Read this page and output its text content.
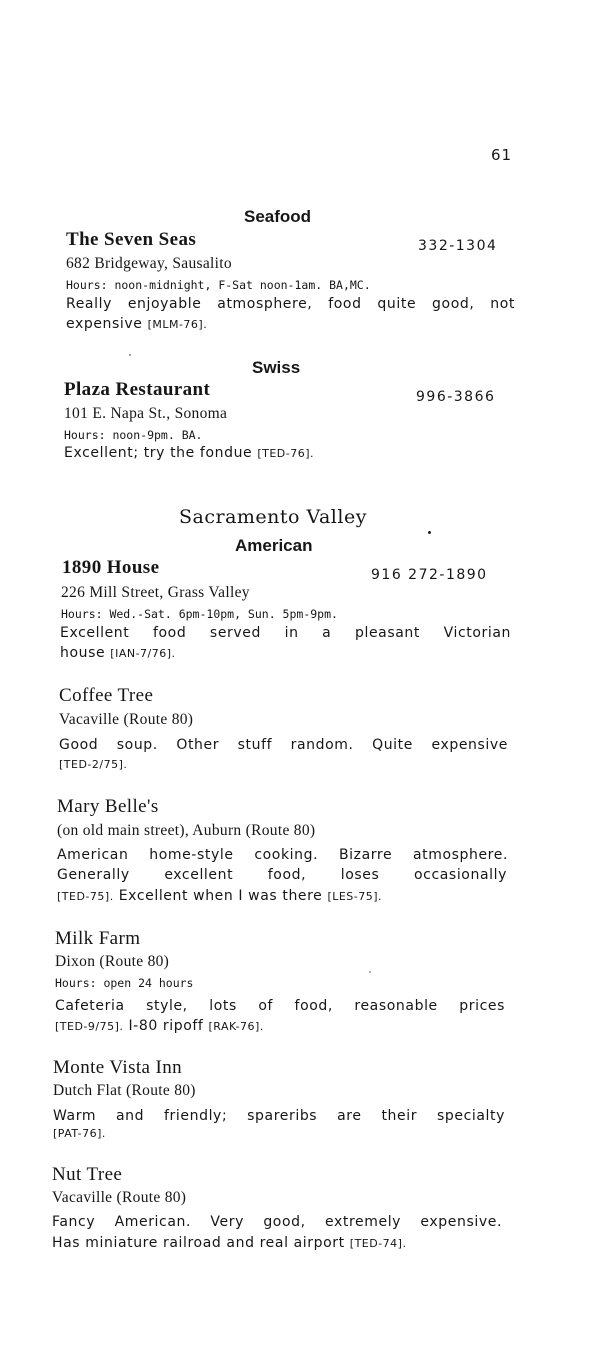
61
Seafood
The Seven Seas	332-1304
682 Bridgeway, Sausalito
Hours: noon-midnight, F-Sat noon-1am. BA,MC.
Really enjoyable atmosphere, food quite good, not
expensive [MLM-76].
Swiss
Plaza Restaurant	996-3866
101 E. Napa St., Sonoma
Hours: noon-9pm. BA.
Excellent; try the fondue [TED-76].
Sacramento Valley
American
1890 House	916 272-1890
226 Mill Street, Grass Valley
Hours: Wed.-Sat. 6pm-10pm, Sun. 5pm-9pm.
Excellent food served in a pleasant Victorian
house [IAN-7/76].
Coffee Tree
Vacaville (Route 80)
Good soup. Other stuff random. Quite expensive
[TED-2/75].
Mary Belle's
(on old main street), Auburn (Route 80)
American home-style cooking. Bizarre atmosphere.
Generally excellent food, loses occasionally
[TED-75]. Excellent when I was there [LES-75].
Milk Farm
Dixon (Route 80)
Hours: open 24 hours
Cafeteria style, lots of food, reasonable prices
[TED-9/75]. I-80 ripoff [RAK-76].
Monte Vista Inn
Dutch Flat (Route 80)
Warm and friendly; spareribs are their specialty
[PAT-76].
Nut Tree
Vacaville (Route 80)
Fancy American. Very good, extremely expensive.
Has miniature railroad and real airport [TED-74].
